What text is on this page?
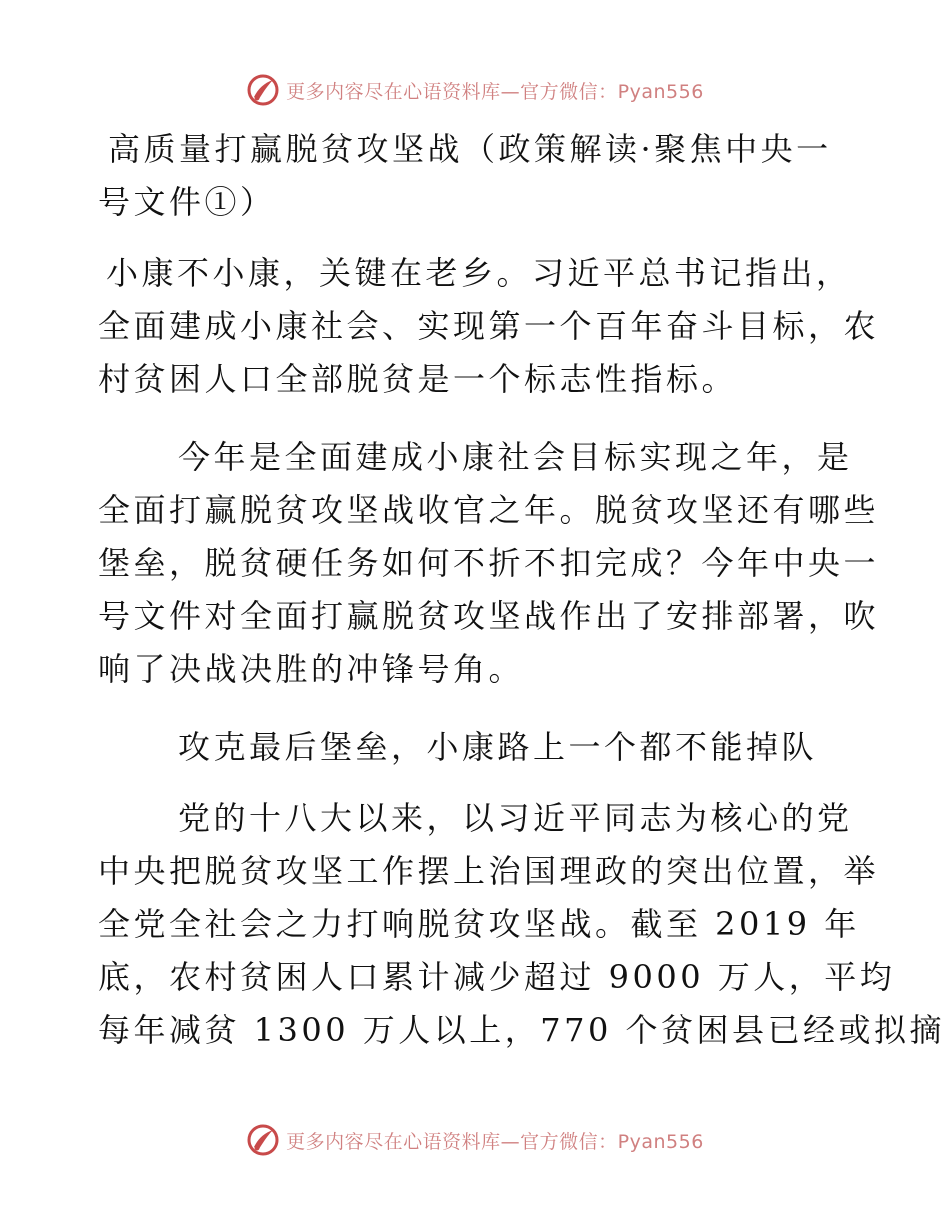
更多内容尽在心语资料库—官方微信：Pyan556
高质量打赢脱贫攻坚战（政策解读·聚焦中央一
号文件①）
小康不小康，关键在老乡。习近平总书记指出，
全面建成小康社会、实现第一个百年奋斗目标，农
村贫困人口全部脱贫是一个标志性指标。
今年是全面建成小康社会目标实现之年，是
全面打赢脱贫攻坚战收官之年。脱贫攻坚还有哪些
堡垒，脱贫硬任务如何不折不扣完成？今年中央一
号文件对全面打赢脱贫攻坚战作出了安排部署，吹
响了决战决胜的冲锋号角。
攻克最后堡垒，小康路上一个都不能掉队
党的十八大以来，以习近平同志为核心的党
中央把脱贫攻坚工作摆上治国理政的突出位置，举
全党全社会之力打响脱贫攻坚战。截至 2019 年
底，农村贫困人口累计减少超过 9000 万人，平均
每年减贫 1300 万人以上，770 个贫困县已经或拟摘
更多内容尽在心语资料库—官方微信：Pyan556
